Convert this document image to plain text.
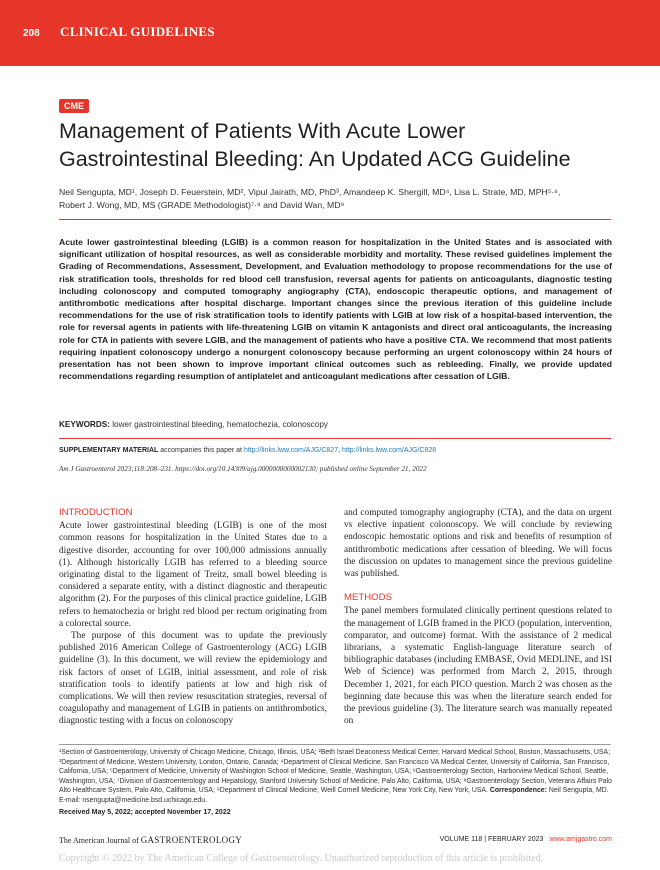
208 CLINICAL GUIDELINES
CME
Management of Patients With Acute Lower
Gastrointestinal Bleeding: An Updated ACG Guideline
Neil Sengupta, MD¹, Joseph D. Feuerstein, MD², Vipul Jairath, MD, PhD³, Amandeep K. Shergill, MD⁴, Lisa L. Strate, MD, MPH⁵·⁶,
Robert J. Wong, MD, MS (GRADE Methodologist)⁷·⁸ and David Wan, MD⁹
Acute lower gastrointestinal bleeding (LGIB) is a common reason for hospitalization in the United States and is associated with significant utilization of hospital resources, as well as considerable morbidity and mortality. These revised guidelines implement the Grading of Recommendations, Assessment, Development, and Evaluation methodology to propose recommendations for the use of risk stratification tools, thresholds for red blood cell transfusion, reversal agents for patients on anticoagulants, diagnostic testing including colonoscopy and computed tomography angiography (CTA), endoscopic therapeutic options, and management of antithrombotic medications after hospital discharge. Important changes since the previous iteration of this guideline include recommendations for the use of risk stratification tools to identify patients with LGIB at low risk of a hospital-based intervention, the role for reversal agents in patients with life-threatening LGIB on vitamin K antagonists and direct oral anticoagulants, the increasing role for CTA in patients with severe LGIB, and the management of patients who have a positive CTA. We recommend that most patients requiring inpatient colonoscopy undergo a nonurgent colonoscopy because performing an urgent colonoscopy within 24 hours of presentation has not been shown to improve important clinical outcomes such as rebleeding. Finally, we provide updated recommendations regarding resumption of antiplatelet and anticoagulant medications after cessation of LGIB.
KEYWORDS: lower gastrointestinal bleeding, hematochezia, colonoscopy
SUPPLEMENTARY MATERIAL accompanies this paper at http://links.lww.com/AJG/C827, http://links.lww.com/AJG/C828
Am J Gastroenterol 2023;118:208–231. https://doi.org/10.14309/ajg.0000000000002130; published online September 21, 2022
INTRODUCTION

Acute lower gastrointestinal bleeding (LGIB) is one of the most common reasons for hospitalization in the United States due to a digestive disorder, accounting for over 100,000 admissions annually (1). Although historically LGIB has referred to a bleeding source originating distal to the ligament of Treitz, small bowel bleeding is considered a separate entity, with a distinct diagnostic and therapeutic algorithm (2). For the purposes of this clinical practice guideline, LGIB refers to hematochezia or bright red blood per rectum originating from a colorectal source.

The purpose of this document was to update the previously published 2016 American College of Gastroenterology (ACG) LGIB guideline (3). In this document, we will review the epidemiology and risk factors of onset of LGIB, initial assessment, and role of risk stratification tools to identify patients at low and high risk of complications. We will then review resuscitation strategies, reversal of coagulopathy and management of LGIB in patients on antithrombotics, diagnostic testing with a focus on colonoscopy

and computed tomography angiography (CTA), and the data on urgent vs elective inpatient colonoscopy. We will conclude by reviewing endoscopic hemostatic options and risk and benefits of resumption of antithrombotic medications after cessation of bleeding. We will focus the discussion on updates to management since the previous guideline was published.

METHODS

The panel members formulated clinically pertinent questions related to the management of LGIB framed in the PICO (population, intervention, comparator, and outcome) format. With the assistance of 2 medical librarians, a systematic English-language literature search of bibliographic databases (including EMBASE, Ovid MEDLINE, and ISI Web of Science) was performed from March 2, 2015, through December 1, 2021, for each PICO question. March 2 was chosen as the beginning date because this was when the literature search ended for the previous guideline (3). The literature search was manually repeated on

¹Section of Gastroenterology, University of Chicago Medicine, Chicago, Illinois, USA; ²Beth Israel Deaconess Medical Center, Harvard Medical School, Boston, Massachusetts, USA; ³Department of Medicine, Western University, London, Ontario, Canada; ⁴Department of Clinical Medicine, San Francisco VA Medical Center, University of California, San Francisco, California, USA; ⁵Department of Medicine, University of Washington School of Medicine, Seattle, Washington, USA; ⁶Gastroenterology Section, Harborview Medical School, Seattle, Washington, USA; ⁷Division of Gastroenterology and Hepatology, Stanford University School of Medicine, Palo Alto, California, USA; ⁸Gastroenterology Section, Veterans Affairs Palo Alto Healthcare System, Palo Alto, California, USA; ⁹Department of Clinical Medicine, Weill Cornell Medicine, New York City, New York, USA. Correspondence: Neil Sengupta, MD. E-mail: nsengupta@medicine.bsd.uchicago.edu.
Received May 5, 2022; accepted November 17, 2022
The American Journal of GASTROENTEROLOGY	VOLUME 118 | FEBRUARY 2023 www.amjgastro.com
Copyright © 2022 by The American College of Gastroenterology. Unauthorized reproduction of this article is prohibited.
